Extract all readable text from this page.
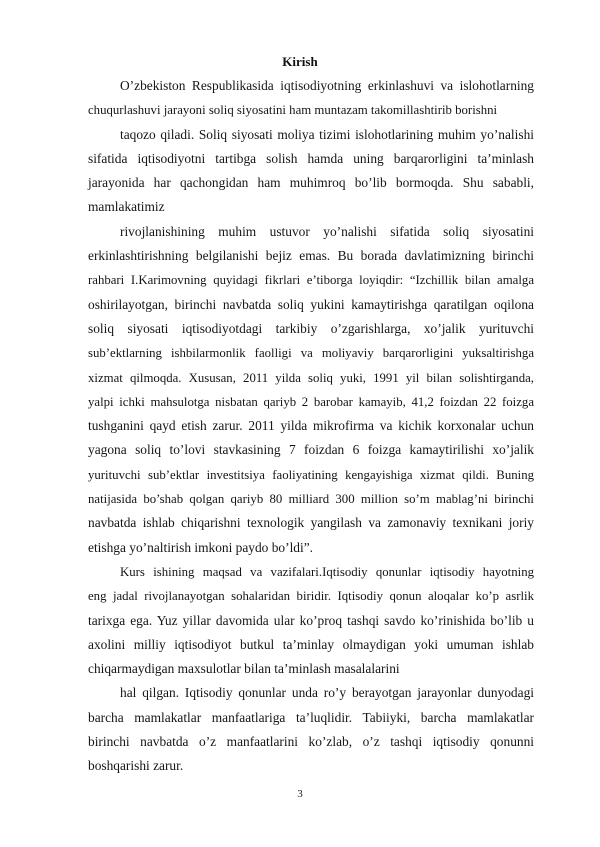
Kirish

O’zbekiston Respublikasida iqtisodiyotning erkinlashuvi va islohotlarning

chuqurlashuvi jarayoni soliq siyosatini ham muntazam takomillashtirib borishni

taqozo qiladi. Soliq siyosati moliya tizimi islohotlarining muhim yo’nalishi

sifatida iqtisodiyotni tartibga solish hamda uning barqarorligini ta’minlash

jarayonida har qachongidan ham muhimroq bo’lib bormoqda. Shu sababli,

mamlakatimiz

rivojlanishining muhim ustuvor yo’nalishi sifatida soliq siyosatini

erkinlashtirishning belgilanishi bejiz emas. Bu borada davlatimizning birinchi

rahbari I.Karimovning quyidagi fikrlari e’tiborga loyiqdir: “Izchillik bilan amalga

oshirilayotgan, birinchi navbatda soliq yukini kamaytirishga qaratilgan oqilona

soliq siyosati iqtisodiyotdagi tarkibiy o’zgarishlarga, xo’jalik yurituvchi

sub’ektlarning ishbilarmonlik faolligi va moliyaviy barqarorligini yuksaltirishga

xizmat qilmoqda. Xususan, 2011 yilda soliq yuki, 1991 yil bilan solishtirganda,

yalpi ichki mahsulotga nisbatan qariyb 2 barobar kamayib, 41,2 foizdan 22 foizga

tushganini qayd etish zarur. 2011 yilda mikrofirma va kichik korxonalar uchun

yagona soliq to’lovi stavkasining 7 foizdan 6 foizga kamaytirilishi xo’jalik

yurituvchi sub’ektlar investitsiya faoliyatining kengayishiga xizmat qildi. Buning

natijasida bo’shab qolgan qariyb 80 milliard 300 million so’m mablag’ni birinchi

navbatda ishlab chiqarishni texnologik yangilash va zamonaviy texnikani joriy

etishga yo’naltirish imkoni paydo bo’ldi”.

Kurs ishining maqsad va vazifalari.Iqtisodiy qonunlar iqtisodiy hayotning

eng jadal rivojlanayotgan sohalaridan biridir. Iqtisodiy qonun aloqalar ko’p asrlik

tarixga ega. Yuz yillar davomida ular ko’proq tashqi savdo ko’rinishida bo’lib u

axolini milliy iqtisodiyot butkul ta’minlay olmaydigan yoki umuman ishlab

chiqarmaydigan maxsulotlar bilan ta’minlash masalalarini

hal qilgan. Iqtisodiy qonunlar unda ro’y berayotgan jarayonlar dunyodagi

barcha mamlakatlar manfaatlariga ta’luqlidir. Tabiiyki, barcha mamlakatlar

birinchi navbatda o’z manfaatlarini ko’zlab, o’z tashqi iqtisodiy qonunni

boshqarishi zarur.

3
